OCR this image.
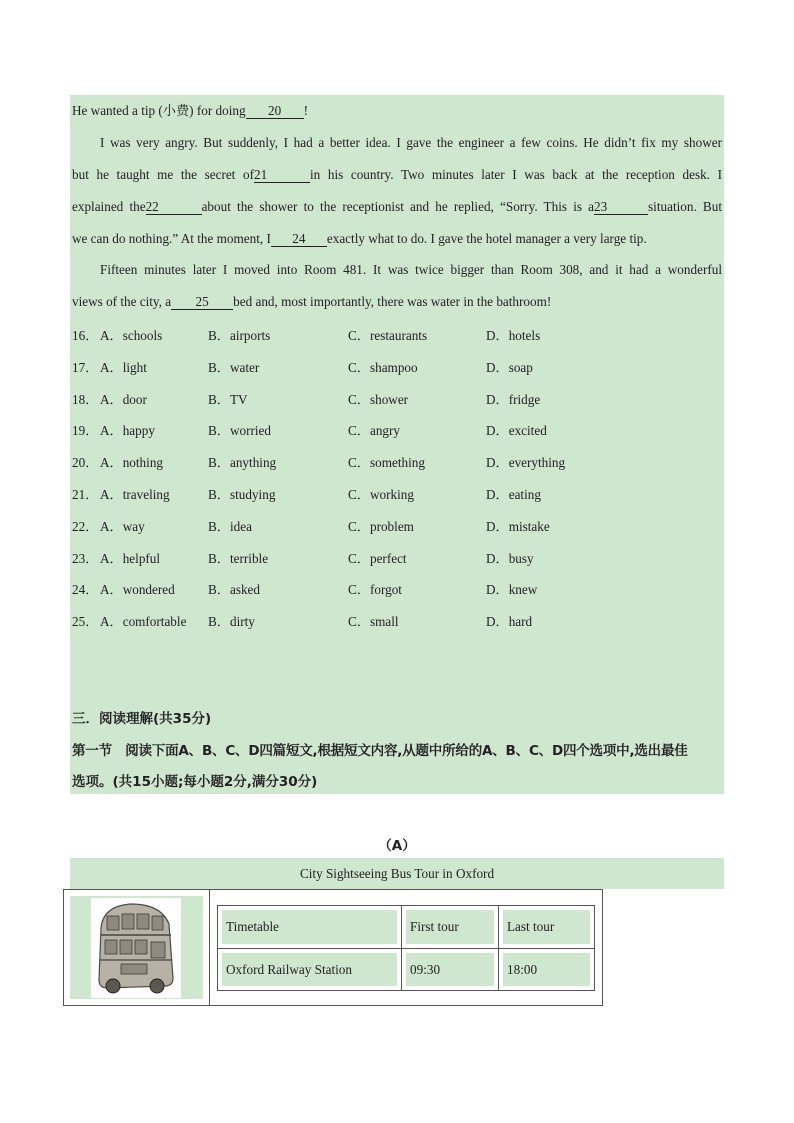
He wanted a tip (小费) for doing 20 !
I was very angry. But suddenly, I had a better idea. I gave the engineer a few coins. He didn’t fix my shower
but he taught me the secret of21	in his country. Two minutes later I was back at the reception desk. I
explained the22	about the shower to the receptionist and he replied, “Sorry. This is a23	situation. But
we can do nothing.” At the moment, I 24 exactly what to do. I gave the hotel manager a very large tip.
Fifteen minutes later I moved into Room 481. It was twice bigger than Room 308, and it had a wonderful
views of the city, a 25 bed and, most importantly, there was water in the bathroom!
16． A．schools	B．airports	C．restaurants	D．hotels
17． A．light	B．water	C．shampoo	D．soap
18． A．door	B．TV	C．shower	D．fridge
19． A．happy	B．worried	C．angry	D．excited
20． A．nothing	B．anything	C．something	D．everything
21． A．traveling	B．studying	C．working	D．eating
22． A．way	B．idea	C．problem	D．mistake
23． A．helpful	B．terrible	C．perfect	D．busy
24． A．wondered	B．asked	C．forgot	D．knew
25． A．comfortable B．dirty	C．small	D．hard
三．阅读理解(共35分)
第一节　阅读下面A、B、C、D四篇短文,根据短文内容,从题中所给的A、B、C、D四个选项中,选出最佳
选项。(共15小题;每小题2分,满分30分)
（A）
City Sightseeing Bus Tour in Oxford
Timetable	First tour	Last tour
Oxford Railway Station	09:30	18:00
